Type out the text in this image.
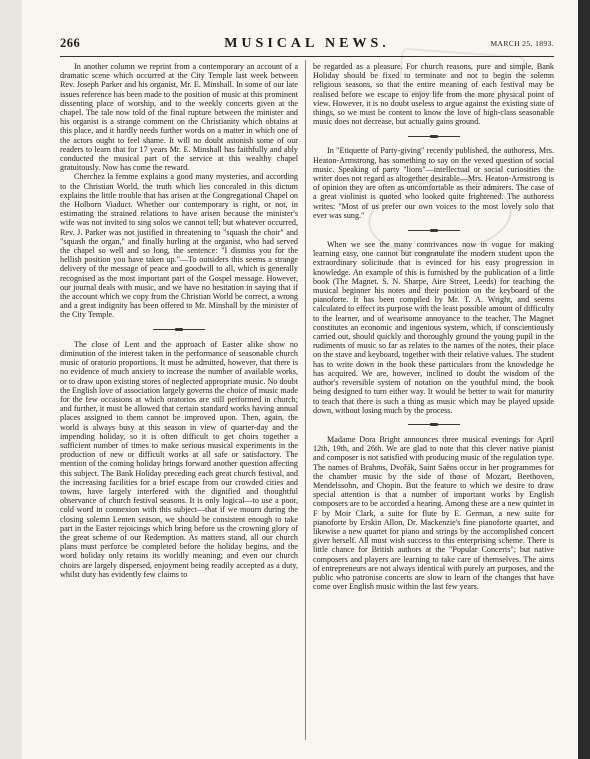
MUSICAL NEWS.
266	MARCH 25, 1893.

In another column we reprint from a contemporary an account of a dramatic scene which occurred at the City Temple last week between Rev. Joseph Parker and his organist, Mr. E. Minshall. In some of our late issues reference has been made to the position of music at this prominent dissenting place of worship, and to the weekly concerts given at the chapel. The tale now told of the final rupture between the minister and his organist is a strange comment on the Christianity which obtains at this place, and it hardly needs further words on a matter in which one of the actors ought to feel shame. It will no doubt astonish some of our readers to learn that for 17 years Mr. E. Minshall has faithfully and ably conducted the musical part of the service at this wealthy chapel gratuitously. Now has come the reward.

Cherchez la femme explains a good many mysteries, and according to the Christian World, the truth which lies concealed in this dictum explains the little trouble that has arisen at the Congregational Chapel on the Holborn Viaduct. Whether our contemporary is right, or not, in estimating the strained relations to have arisen because the minister's wife was not invited to sing solos we cannot tell; but whatever occurred, Rev. J. Parker was not justified in threatening to "squash the choir" and "squash the organ," and finally hurling at the organist, who had served the chapel so well and so long, the sentence: "I dismiss you for the hellish position you have taken up."—To outsiders this seems a strange delivery of the message of peace and goodwill to all, which is generally recognised as the most important part of the Gospel message. However, our journal deals with music, and we have no hesitation in saying that if the account which we copy from the Christian World be correct, a wrong and a great indignity has been offered to Mr. Minshall by the minister of the City Temple.

The close of Lent and the approach of Easter alike show no diminution of the interest taken in the performance of seasonable church music of oratorio proportions. It must be admitted, however, that there is no evidence of much anxiety to increase the number of available works, or to draw upon existing stores of neglected appropriate music. No doubt the English love of association largely governs the choice of music made for the few occasions at which oratorios are still performed in church; and further, it must be allowed that certain standard works having annual places assigned to them cannot be improved upon. Then, again, the world is always busy at this season in view of quarter-day and the impending holiday, so it is often difficult to get choirs together a sufficient number of times to make serious musical experiments in the production of new or difficult works at all safe or satisfactory. The mention of the coming holiday brings forward another question affecting this subject. The Bank Holiday preceding each great church festival, and the increasing facilities for a brief escape from our crowded cities and towns, have largely interfered with the dignified and thoughtful observance of church festival seasons. It is only logical—to use a poor, cold word in connexion with this subject—that if we mourn during the closing solemn Lenten season, we should be consistent enough to take part in the Easter rejoicings which bring before us the crowning glory of the great scheme of our Redemption. As matters stand, all our church plans must perforce be completed before the holiday begins, and the word holiday only retains its worldly meaning; and even our church choirs are largely dispersed, enjoyment being readily accepted as a duty, whilst duty has evidently few claims to

be regarded as a pleasure. For church reasons, pure and simple, Bank Holiday should be fixed to terminate and not to begin the solemn religious seasons, so that the entire meaning of each festival may be realised before we escape to enjoy life from the more physical point of view. However, it is no doubt useless to argue against the existing state of things, so we must be content to know the love of high-class seasonable music does not decrease, but actually gains ground.

In "Etiquette of Party-giving" recently published, the authoress, Mrs. Heaton-Armstrong, has something to say on the vexed question of social music. Speaking of party "lions"—intellectual or social curiosities the writer does not regard as altogether desirable—Mrs. Heaton-Armstrong is of opinion they are often as uncomfortable as their admirers. The case of a great violinist is quoted who looked quite frightened. The authoress writes: "Most of us prefer our own voices to the most lovely solo that ever was sung."

When we see the many contrivances now in vogue for making learning easy, one cannot but congratulate the modern student upon the extraordinary solicitude that is evinced for his easy progression in knowledge. An example of this is furnished by the publication of a little book (The Magnet. S. N. Sharpe, Aire Street, Leeds) for teaching the musical beginner his notes and their position on the keyboard of the pianoforte. It has been compiled by Mr. T. A. Wright, and seems calculated to effect its purpose with the least possible amount of difficulty to the learner, and of wearisome annoyance to the teacher. The Magnet constitutes an economic and ingenious system, which, if conscientiously carried out, should quickly and thoroughly ground the young pupil in the rudiments of music so far as relates to the names of the notes, their place on the stave and keyboard, together with their relative values. The student has to write down in the book these particulars from the knowledge he has acquired. We are, however, inclined to doubt the wisdom of the author's reversible system of notation on the youthful mind, the book being designed to turn either way. It would be better to wait for maturity to teach that there is such a thing as music which may be played upside down, without losing much by the process.

Madame Dora Bright announces three musical evenings for April 12th, 19th, and 26th. We are glad to note that this clever native pianist and composer is not satisfied with producing music of the regulation type. The names of Brahms, Dvořák, Saint Saëns occur in her programmes for the chamber music by the side of those of Mozart, Beethoven, Mendelssohn, and Chopin. But the feature to which we desire to draw special attention is that a number of important works by English composers are to be accorded a hearing. Among these are a new quintet in F by Moir Clark, a suite for flute by E. German, a new suite for pianoforte by Erskin Allon, Dr. Mackenzie's fine pianoforte quartet, and likewise a new quartet for piano and strings by the accomplished concert giver herself. All must wish success to this enterprising scheme. There is little chance for British authors at the "Popular Concerts"; but native composers and players are learning to take care of themselves. The aims of entrepreneurs are not always identical with purely art purposes, and the public who patronise concerts are slow to learn of the changes that have come over English music within the last few years.
